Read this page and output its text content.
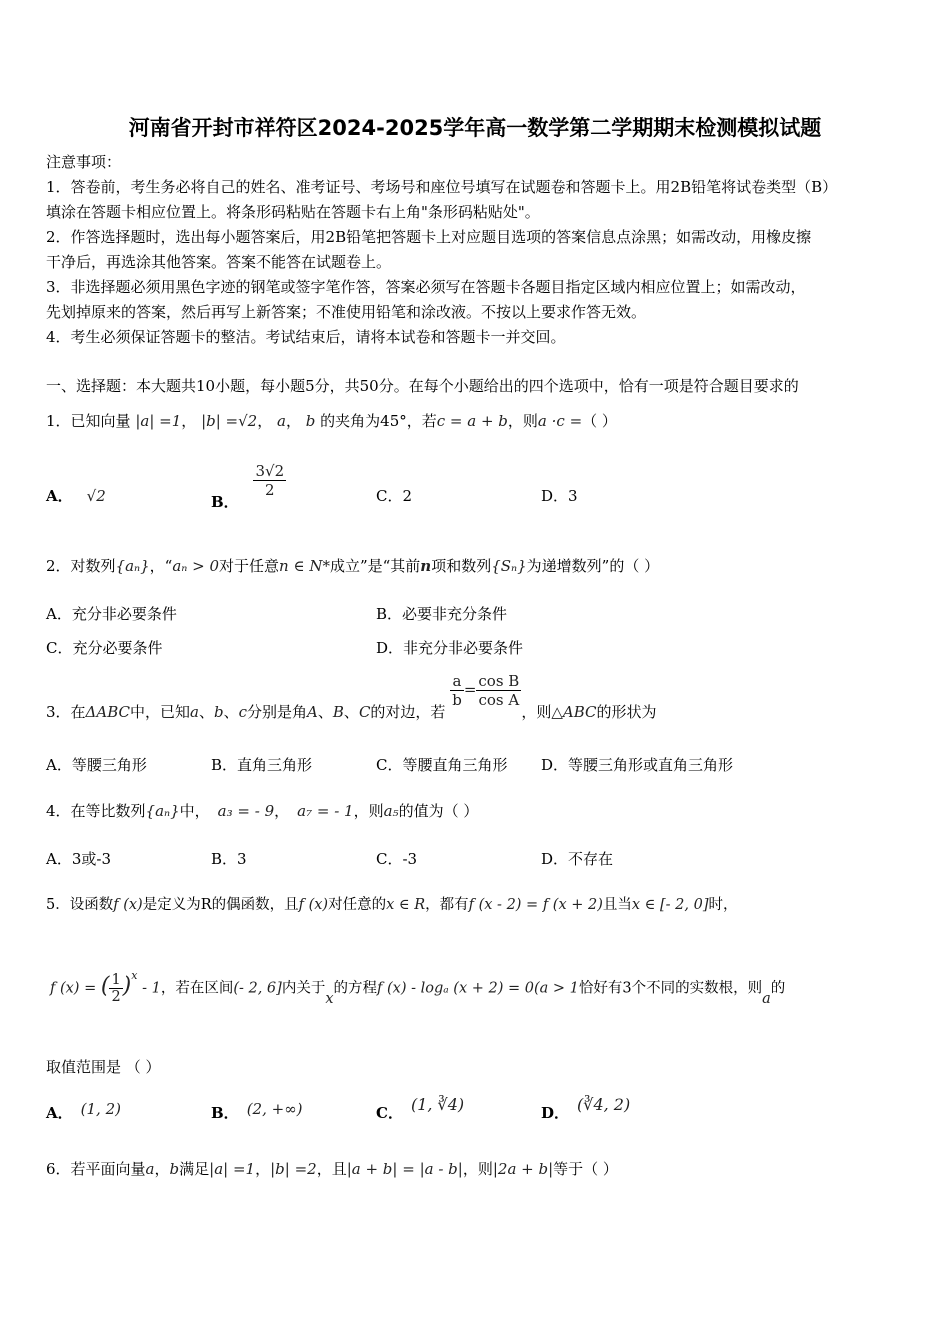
河南省开封市祥符区2024-2025学年高一数学第二学期期末检测模拟试题
注意事项：
1．答卷前，考生务必将自己的姓名、准考证号、考场号和座位号填写在试题卷和答题卡上。用2B铅笔将试卷类型（B）
填涂在答题卡相应位置上。将条形码粘贴在答题卡右上角"条形码粘贴处"。
2．作答选择题时，选出每小题答案后，用2B铅笔把答题卡上对应题目选项的答案信息点涂黑；如需改动，用橡皮擦
干净后，再选涂其他答案。答案不能答在试题卷上。
3．非选择题必须用黑色字迹的钢笔或签字笔作答，答案必须写在答题卡各题目指定区域内相应位置上；如需改动，
先划掉原来的答案，然后再写上新答案；不准使用铅笔和涂改液。不按以上要求作答无效。
4．考生必须保证答题卡的整洁。考试结束后，请将本试卷和答题卡一并交回。
一、选择题：本大题共10小题，每小题5分，共50分。在每个小题给出的四个选项中，恰有一项是符合题目要求的
1．已知向量 |a| =1， |b| =√2， a， b 的夹角为45°，若c = a + b，则a ·c =（ ）
A． √2	B．
$\frac{3√2}{2}$	C．2	D．3
2．对数列{aₙ}，“aₙ > 0对于任意n ∈ N*成立”是“其前n项和数列{Sₙ}为递增数列”的（ ）
A．充分非必要条件	B．必要非充分条件
C．充分必要条件	D．非充分非必要条件
3．在ΔABC中，已知a、b、c分别是角A、B、C的对边，若
$\frac{a}{b} = \frac{\text{cos B}}{\text{cos A}}$
，则△ABC的形状为
A．等腰三角形	B．直角三角形	C．等腰直角三角形 D．等腰三角形或直角三角形
4．在等比数列{aₙ}中， a₃ = - 9， a₇ = - 1，则a₅的值为（ ）
A．3或-3	B．3	C．-3	D．不存在
5．设函数f (x)是定义为R的偶函数，且f (x)对任意的x ∈ R，都有f (x - 2) = f (x + 2)且当x ∈ [- 2, 0]时，
f (x) = ( $\frac{1}{2} )^x - 1$，若在区间(- 2, 6]内关于x的方程f (x) - logₐ (x + 2) = 0(a > 1恰好有3个不同的实数根，则a的
取值范围是 （ ）
A． (1, 2)	B． (2, +∞)	C． (1, ∛4)	D． (∛4, 2)
6．若平面向量a，b满足|a| =1，|b| =2，且|a + b| = |a - b|，则|2a + b|等于（ ）
